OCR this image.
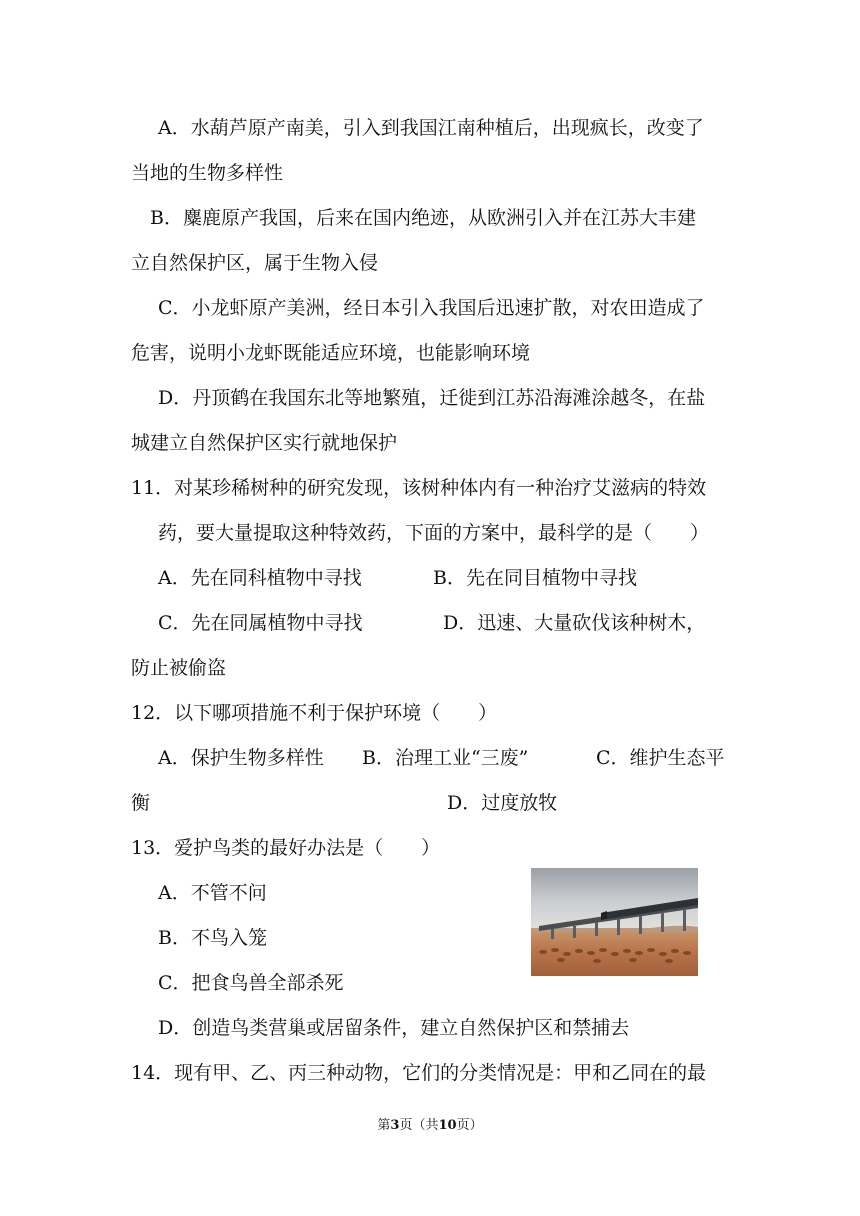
A．水葫芦原产南美，引入到我国江南种植后，出现疯长，改变了
当地的生物多样性
B．麋鹿原产我国，后来在国内绝迹，从欧洲引入并在江苏大丰建
立自然保护区，属于生物入侵
C．小龙虾原产美洲，经日本引入我国后迅速扩散，对农田造成了
危害，说明小龙虾既能适应环境，也能影响环境
D．丹顶鹤在我国东北等地繁殖，迁徙到江苏沿海滩涂越冬，在盐
城建立自然保护区实行就地保护
11．对某珍稀树种的研究发现，该树种体内有一种治疗艾滋病的特效
药，要大量提取这种特效药，下面的方案中，最科学的是（　　）
A．先在同科植物中寻找	B．先在同目植物中寻找
C．先在同属植物中寻找	D．迅速、大量砍伐该种树木，
防止被偷盗
12．以下哪项措施不利于保护环境（　　）
A．保护生物多样性 B．治理工业“三废”	C．维护生态平
衡	D．过度放牧
13．爱护鸟类的最好办法是（　　）
A．不管不问
B．不鸟入笼
C．把食鸟兽全部杀死
D．创造鸟类营巢或居留条件，建立自然保护区和禁捕去
14．现有甲、乙、丙三种动物，它们的分类情况是：甲和乙同在的最
第3页（共10页）
